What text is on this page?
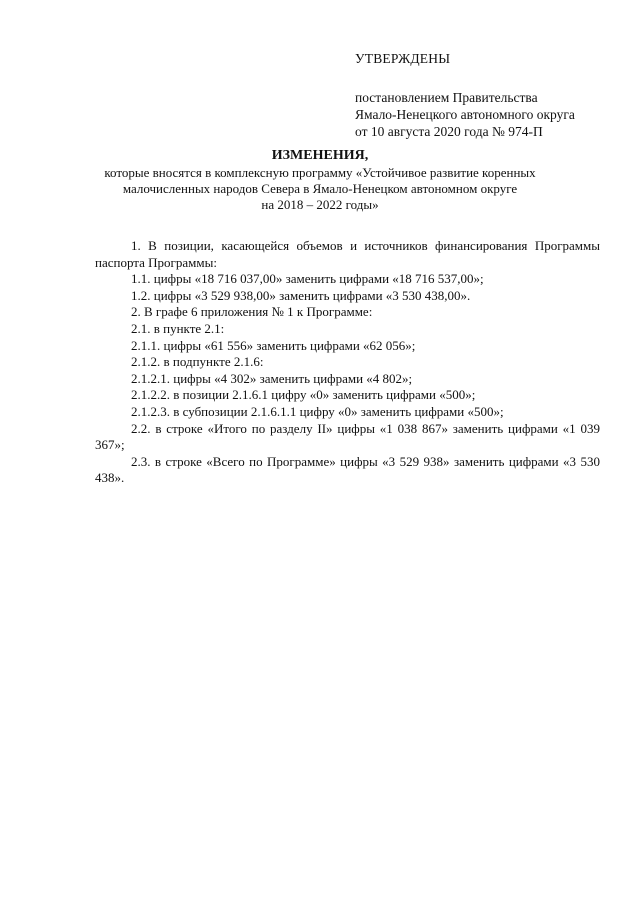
УТВЕРЖДЕНЫ
постановлением Правительства
Ямало-Ненецкого автономного округа
от 10 августа 2020 года № 974-П
ИЗМЕНЕНИЯ,
которые вносятся в комплексную программу «Устойчивое развитие коренных
малочисленных народов Севера в Ямало-Ненецком автономном округе
на 2018 – 2022 годы»

1. В позиции, касающейся объемов и источников финансирования Программы паспорта Программы:

1.1. цифры «18 716 037,00» заменить цифрами «18 716 537,00»;

1.2. цифры «3 529 938,00» заменить цифрами «3 530 438,00».

2. В графе 6 приложения № 1 к Программе:

2.1. в пункте 2.1:

2.1.1. цифры «61 556» заменить цифрами «62 056»;

2.1.2. в подпункте 2.1.6:

2.1.2.1. цифры «4 302» заменить цифрами «4 802»;

2.1.2.2. в позиции 2.1.6.1 цифру «0» заменить цифрами «500»;

2.1.2.3. в субпозиции 2.1.6.1.1 цифру «0» заменить цифрами «500»;

2.2. в строке «Итого по разделу II» цифры «1 038 867» заменить цифрами «1 039 367»;

2.3. в строке «Всего по Программе» цифры «3 529 938» заменить цифрами «3 530 438».
